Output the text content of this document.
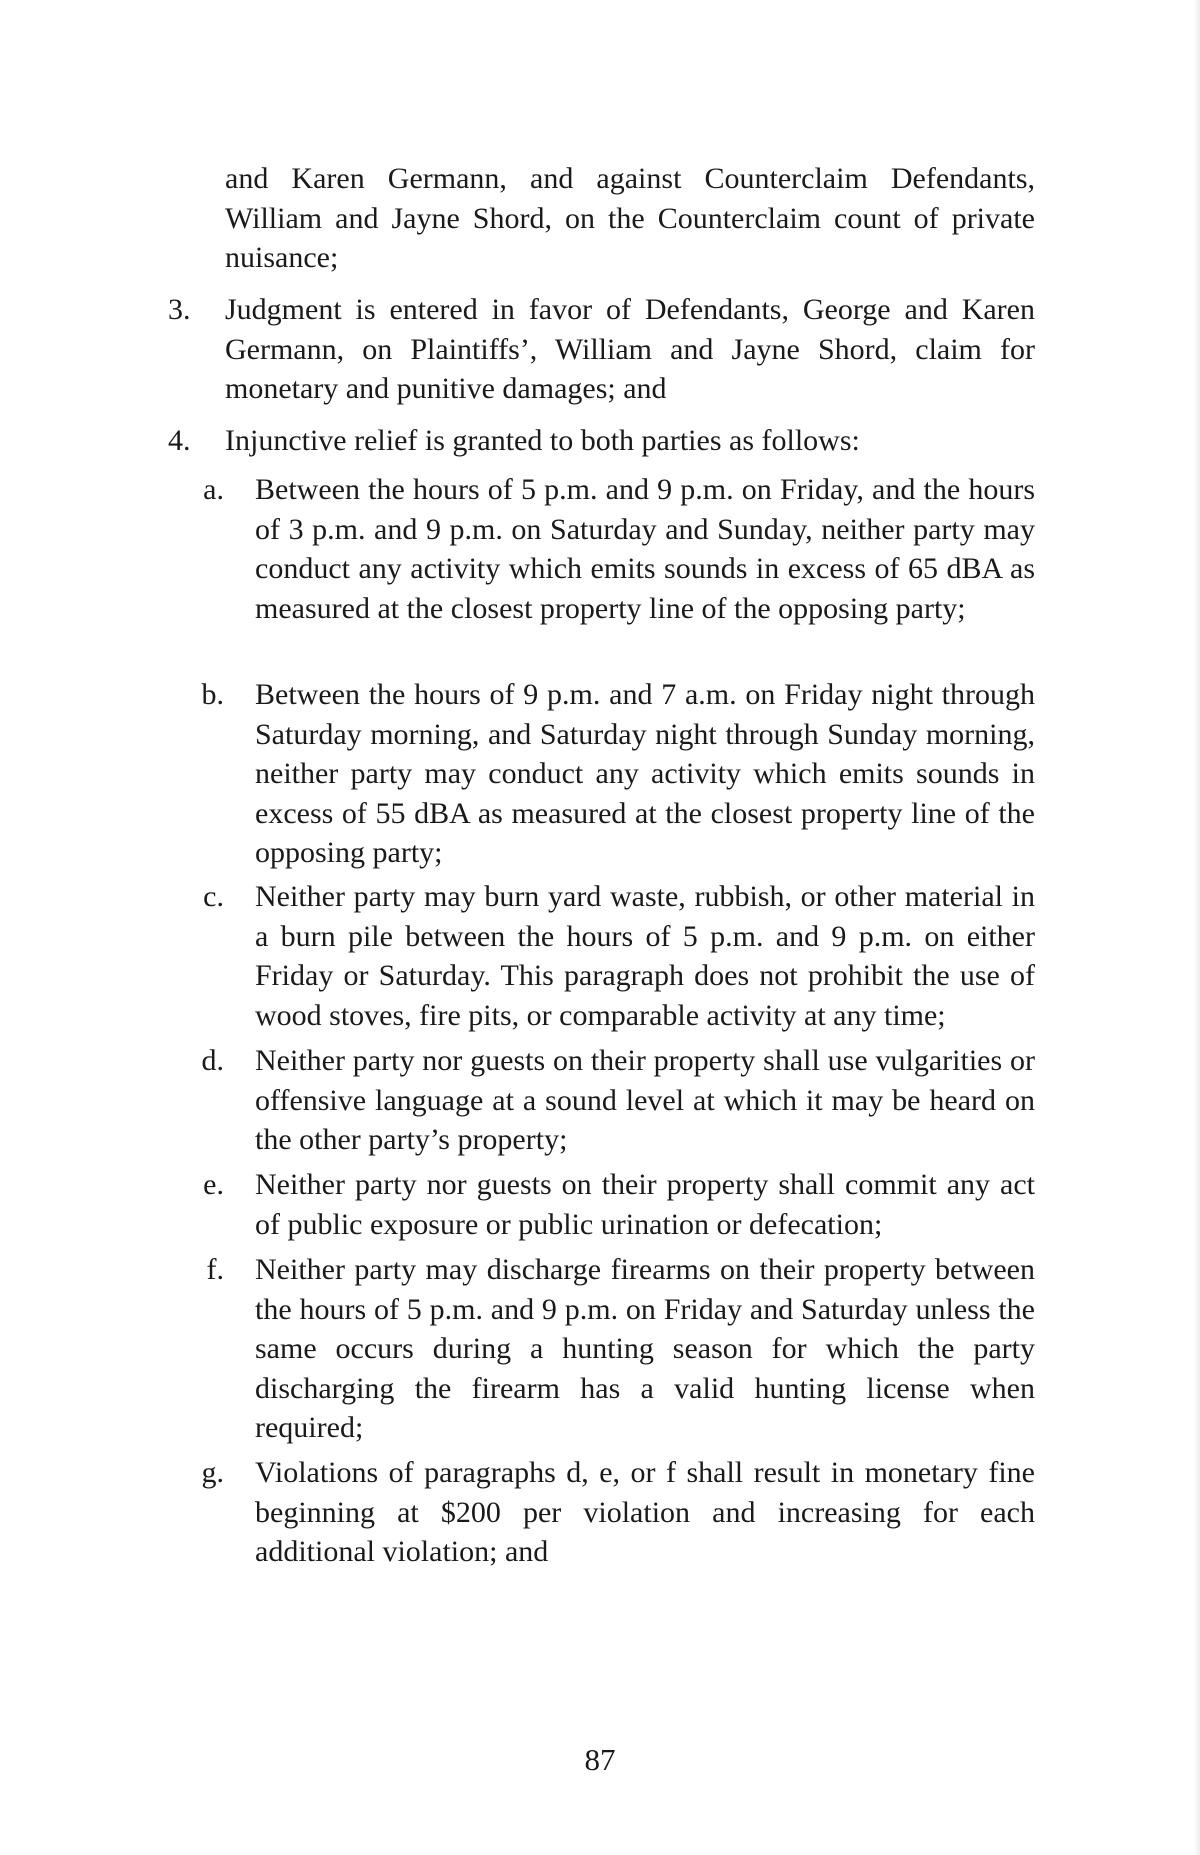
and Karen Germann, and against Counterclaim Defendants, William and Jayne Shord, on the Counterclaim count of private nuisance;
3.	Judgment is entered in favor of Defendants, George and Karen Germann, on Plaintiffs’, William and Jayne Shord, claim for monetary and punitive damages; and
4.	Injunctive relief is granted to both parties as follows:
a. Between the hours of 5 p.m. and 9 p.m. on Friday, and the hours of 3 p.m. and 9 p.m. on Saturday and Sunday, neither party may conduct any activity which emits sounds in excess of 65 dBA as measured at the closest property line of the opposing party;
b. Between the hours of 9 p.m. and 7 a.m. on Friday night through Saturday morning, and Saturday night through Sunday morning, neither party may conduct any activity which emits sounds in excess of 55 dBA as measured at the closest property line of the opposing party;
c. Neither party may burn yard waste, rubbish, or other material in a burn pile between the hours of 5 p.m. and 9 p.m. on either Friday or Saturday. This paragraph does not prohibit the use of wood stoves, fire pits, or comparable activity at any time;
d. Neither party nor guests on their property shall use vulgarities or offensive language at a sound level at which it may be heard on the other party’s property;
e. Neither party nor guests on their property shall commit any act of public exposure or public urination or defecation;
f. Neither party may discharge firearms on their property between the hours of 5 p.m. and 9 p.m. on Friday and Saturday unless the same occurs during a hunting season for which the party discharging the firearm has a valid hunting license when required;
g. Violations of paragraphs d, e, or f shall result in monetary fine beginning at $200 per violation and increasing for each additional violation; and
87
